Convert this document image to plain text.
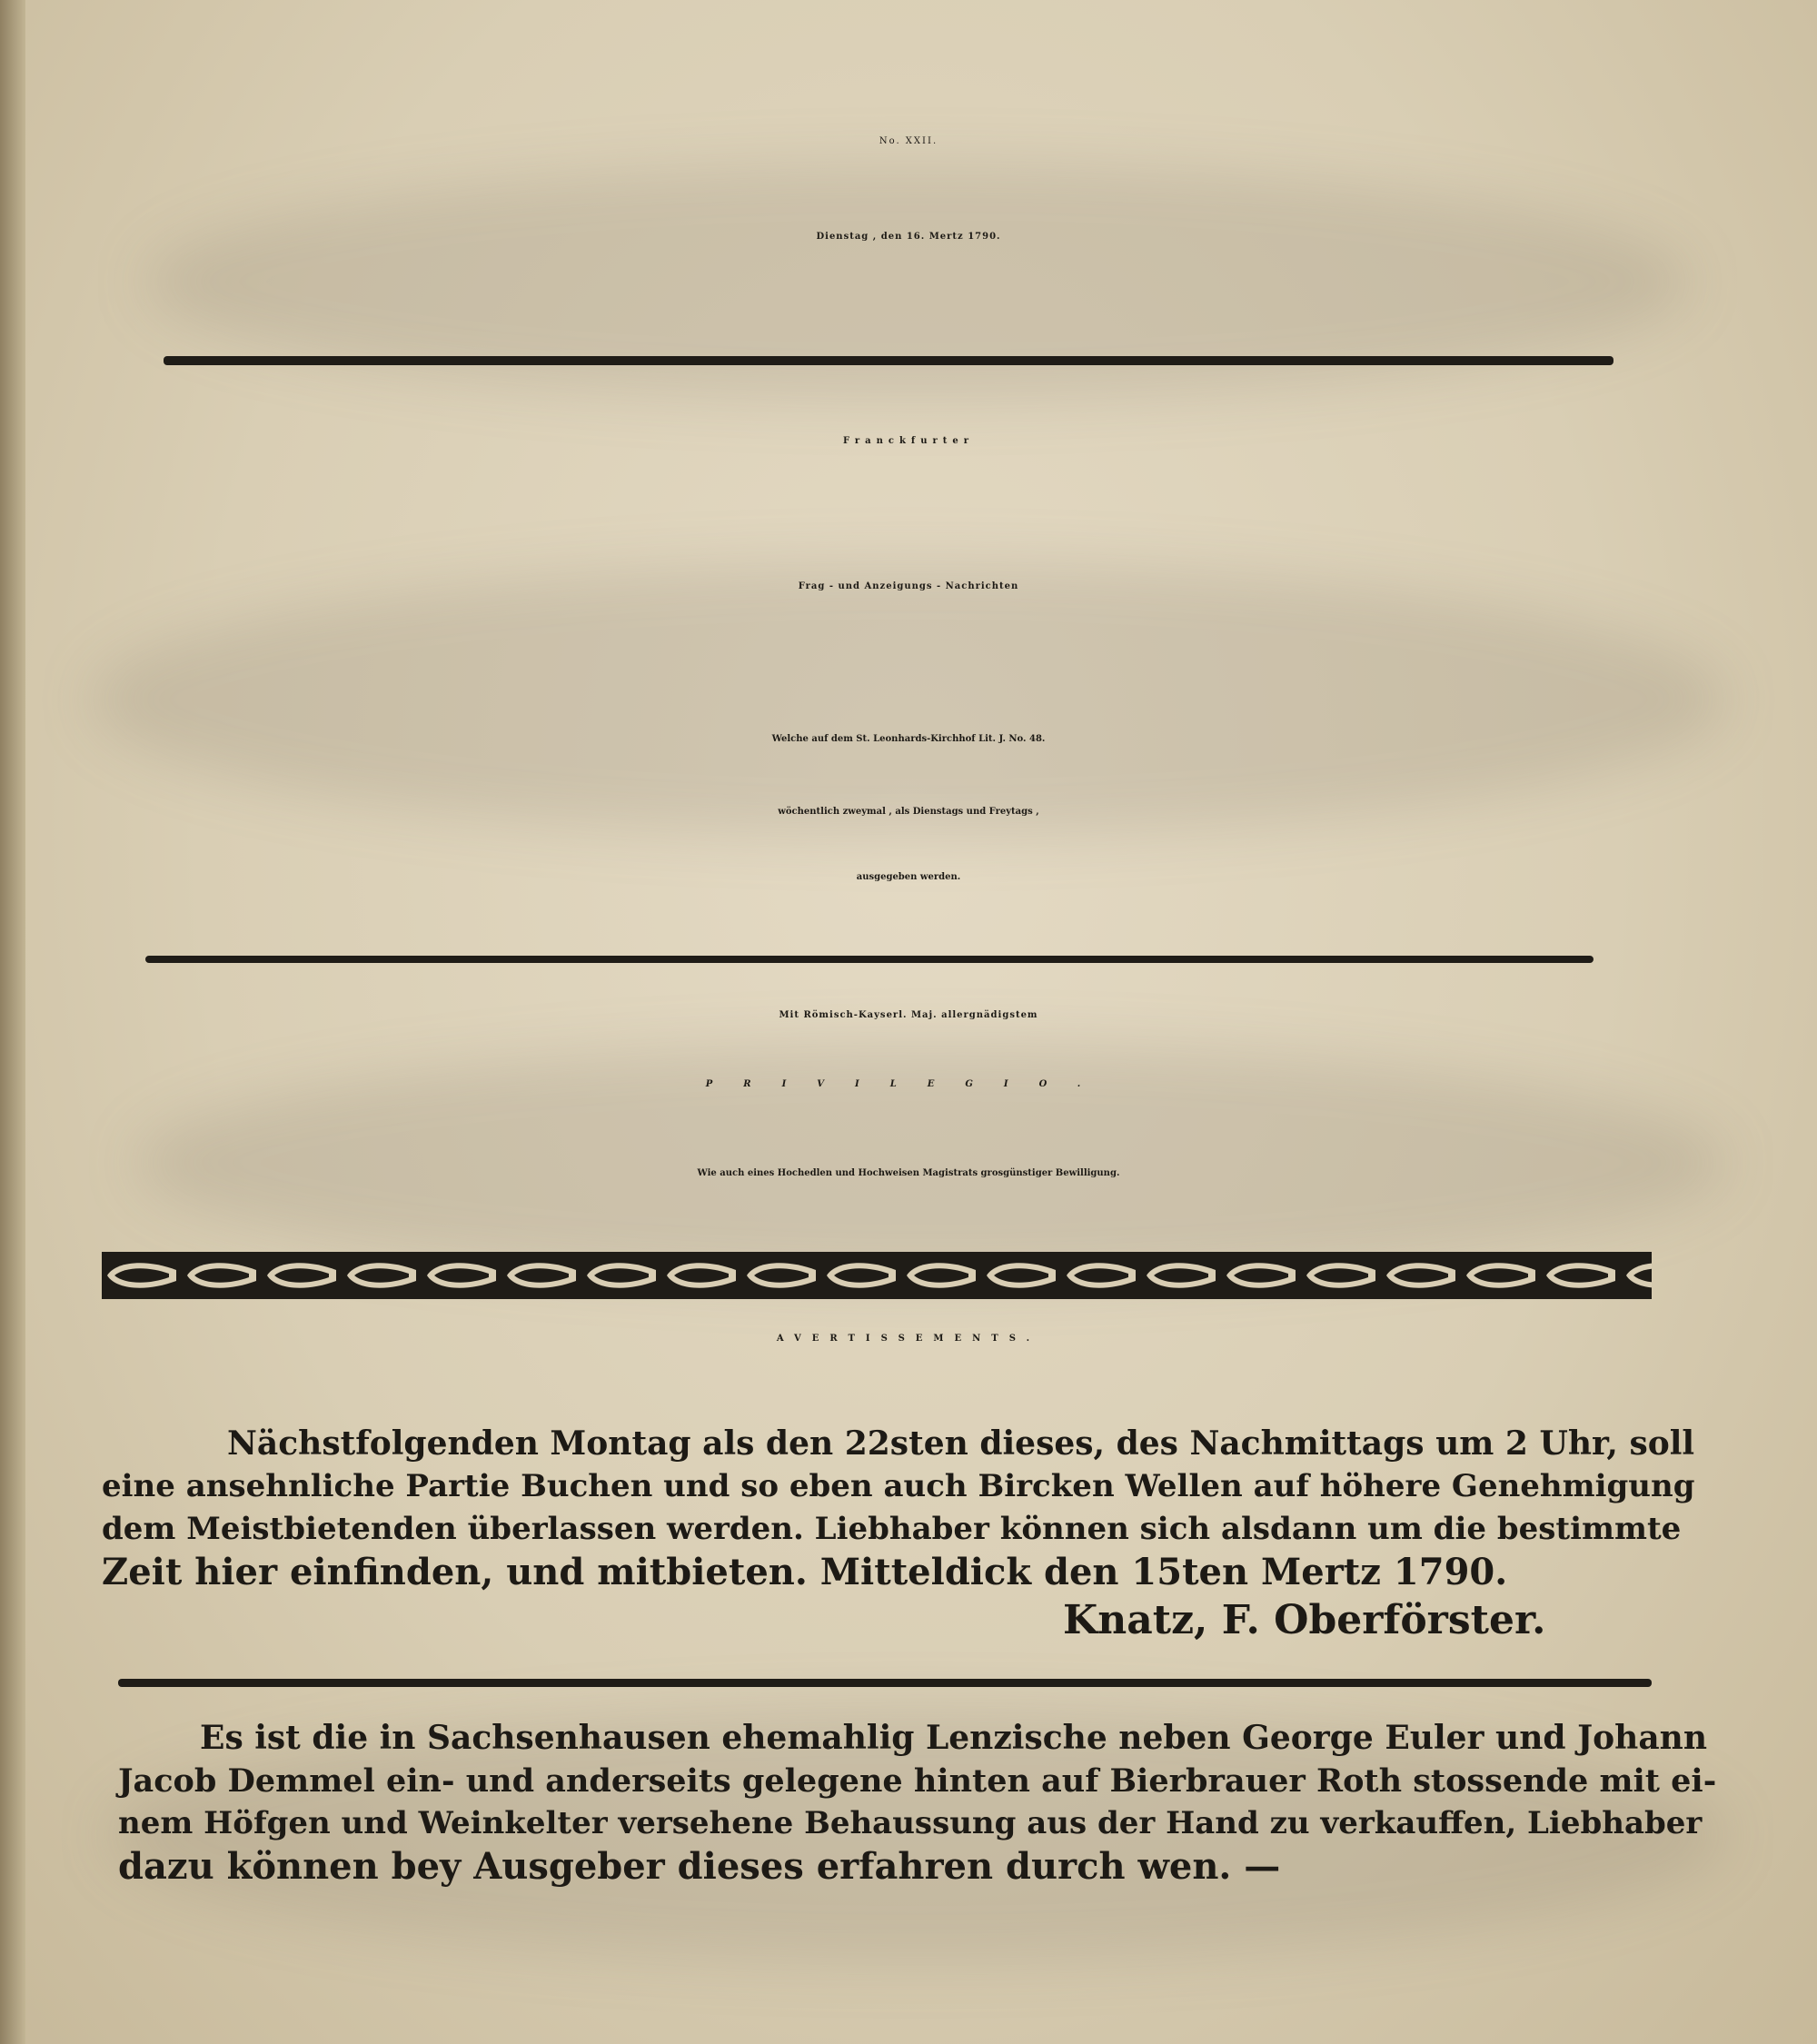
No. XXII.
Dienstag , den 16. Mertz 1790.
Franckfurter
Frag - und Anzeigungs - Nachrichten
Welche auf dem St. Leonhards-Kirchhof Lit. J. No. 48.
wöchentlich zweymal , als Dienstags und Freytags ,
ausgegeben werden.
Mit Römisch-Kayserl. Maj. allergnädigstem
PRIVILEGIO.
Wie auch eines Hochedlen und Hochweisen Magistrats grosgünstiger Bewilligung.
AVERTISSEMENTS.
Nächstfolgenden Montag als den 22sten dieses, des Nachmittags um 2 Uhr, soll
eine ansehnliche Partie Buchen und so eben auch Bircken Wellen auf höhere Genehmigung
dem Meistbietenden überlassen werden. Liebhaber können sich alsdann um die bestimmte
Zeit hier einfinden, und mitbieten. Mitteldick den 15ten Mertz 1790.
Knatz, F. Oberförster.
Es ist die in Sachsenhausen ehemahlig Lenzische neben George Euler und Johann
Jacob Demmel ein- und anderseits gelegene hinten auf Bierbrauer Roth stossende mit ei-
nem Höfgen und Weinkelter versehene Behaussung aus der Hand zu verkauffen, Liebhaber
dazu können bey Ausgeber dieses erfahren durch wen. —
